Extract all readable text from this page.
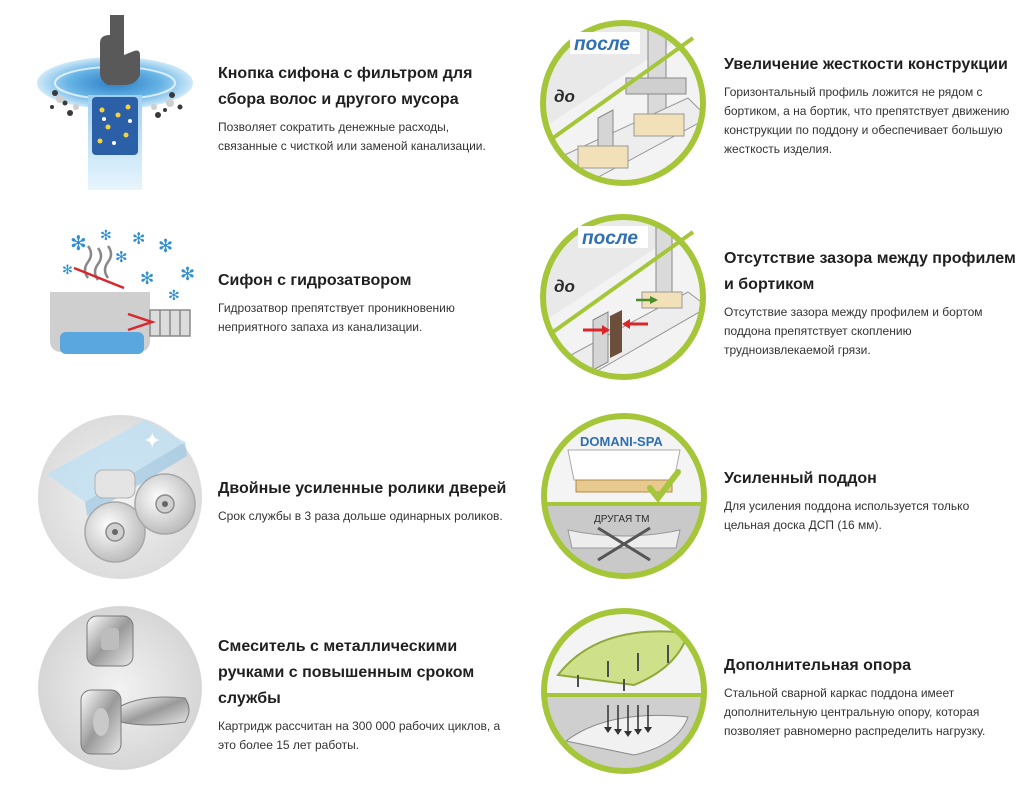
Кнопка сифона с фильтром для сбора волос и другого мусора
Позволяет сократить денежные расходы, связанные с чисткой или заменой канализации.
✻ ✻ ✻ ✻
✻
✻
✻
✻
✻
Сифон с гидрозатвором
Гидрозатвор препятствует проникновению неприятного запаха из канализации.
✦
Двойные усиленные ролики дверей
Срок службы в 3 раза дольше одинарных роликов.
Смеситель с металлическими ручками с повышенным сроком службы
Картридж рассчитан на 300 000 рабочих циклов, а это более 15 лет работы.
после
до
Увеличение жесткости конструкции
Горизонтальный профиль ложится не рядом с бортиком, а на бортик, что препятствует движению конструкции по поддону и обеспечивает большую жесткость изделия.
после
до
Отсутствие зазора между профилем и бортиком
Отсутствие зазора между профилем и бортом поддона препятствует скоплению трудноизвлекаемой грязи.
DOMANI-SPA
ДРУГАЯ ТМ
Усиленный поддон
Для усиления поддона используется только цельная доска ДСП (16 мм).
Дополнительная опора
Стальной сварной каркас поддона имеет дополнительную центральную опору, которая позволяет равномерно распределить нагрузку.
